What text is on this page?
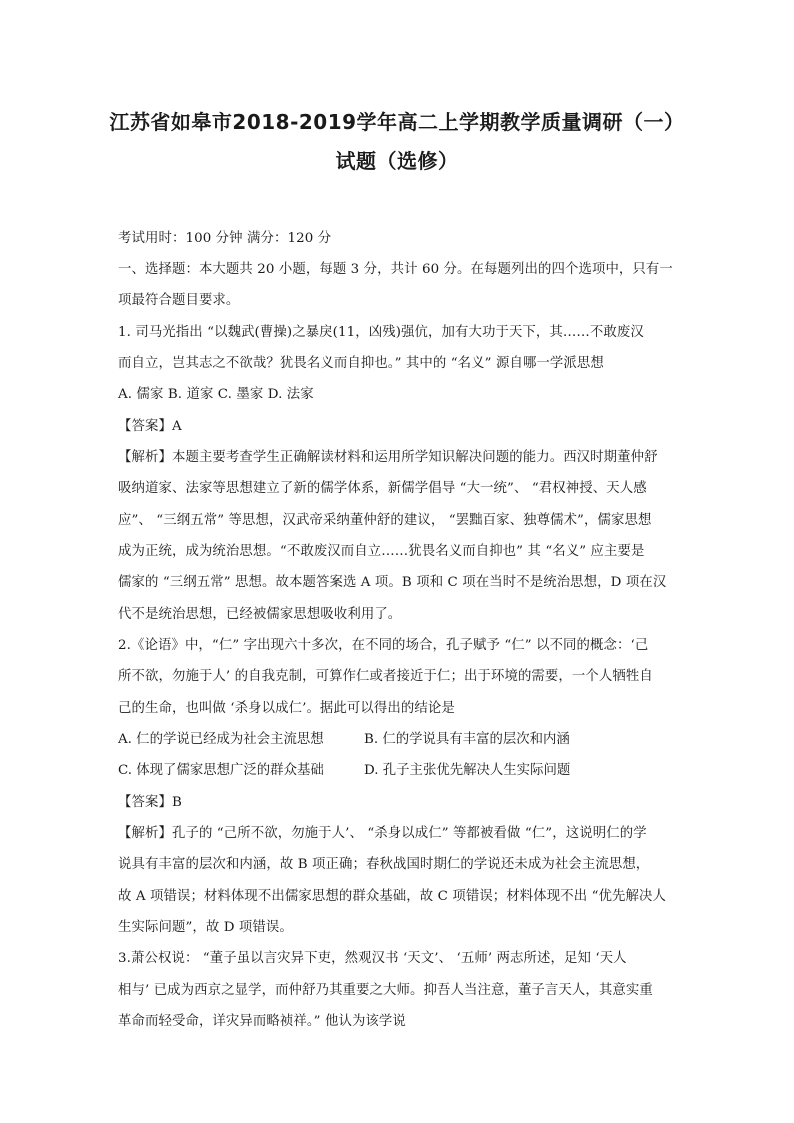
江苏省如皋市2018-2019学年高二上学期教学质量调研（一）
试题（选修）
考试用时：100 分钟 满分：120 分
一、选择题：本大题共 20 小题，每题 3 分，共计 60 分。在每题列出的四个选项中，只有一
项最符合题目要求。
1. 司马光指出 “以魏武(曹操)之暴戾(11，凶残)强伉，加有大功于天下，其……不敢废汉
而自立，岂其志之不欲哉？犹畏名义而自抑也。” 其中的 “名义” 源自哪一学派思想
A. 儒家 B. 道家 C. 墨家 D. 法家
【答案】A
【解析】本题主要考查学生正确解读材料和运用所学知识解决问题的能力。西汉时期董仲舒
吸纳道家、法家等思想建立了新的儒学体系，新儒学倡导 “大一统”、 “君权神授、天人感
应”、 “三纲五常” 等思想，汉武帝采纳董仲舒的建议， “罢黜百家、独尊儒术”，儒家思想
成为正统，成为统治思想。“不敢废汉而自立……犹畏名义而自抑也” 其 “名义” 应主要是
儒家的 “三纲五常” 思想。故本题答案选 A 项。B 项和 C 项在当时不是统治思想，D 项在汉
代不是统治思想，已经被儒家思想吸收利用了。
2.《论语》中，“仁” 字出现六十多次，在不同的场合，孔子赋予 “仁” 以不同的概念：‘己
所不欲，勿施于人’ 的自我克制，可算作仁或者接近于仁；出于环境的需要，一个人牺牲自
己的生命，也叫做 ‘杀身以成仁’。据此可以得出的结论是
A. 仁的学说已经成为社会主流思想	B. 仁的学说具有丰富的层次和内涵
C. 体现了儒家思想广泛的群众基础	D. 孔子主张优先解决人生实际问题
【答案】B
【解析】孔子的 “己所不欲，勿施于人’、 “杀身以成仁” 等都被看做 “仁”，这说明仁的学
说具有丰富的层次和内涵，故 B 项正确；春秋战国时期仁的学说还未成为社会主流思想，
故 A 项错误；材料体现不出儒家思想的群众基础，故 C 项错误；材料体现不出 “优先解决人
生实际问题”，故 D 项错误。
3.萧公权说： “董子虽以言灾异下吏，然观汉书 ‘天文’、 ‘五师’ 两志所述，足知 ‘天人
相与’ 已成为西京之显学，而仲舒乃其重要之大师。抑吾人当注意，董子言天人，其意实重
革命而轻受命，详灾异而略祯祥。” 他认为该学说
